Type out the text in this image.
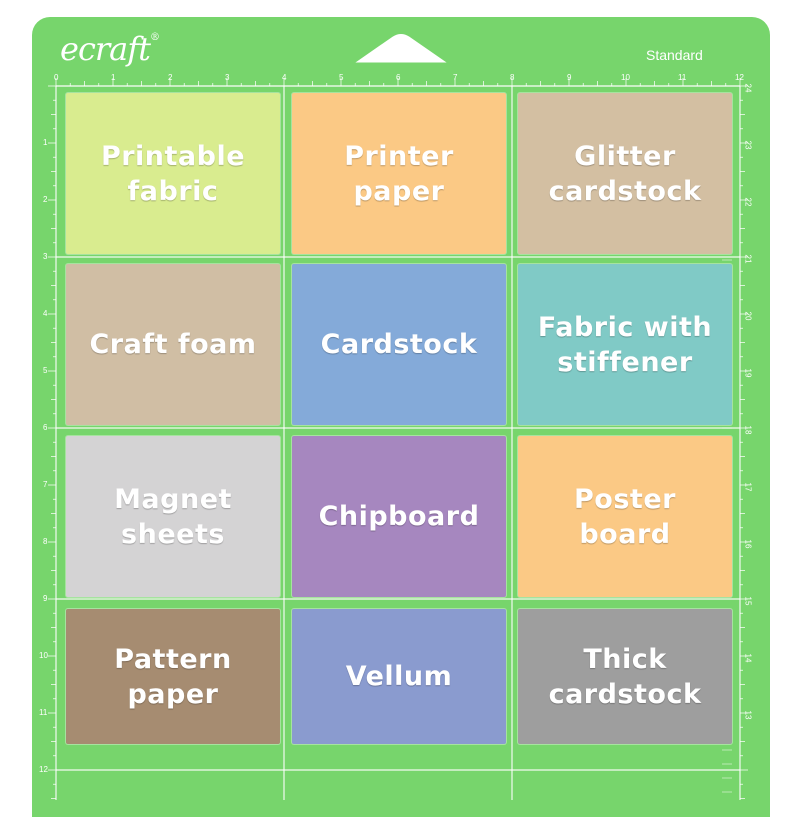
ecraft®
Standard
0	1	2	3	4	5	6	7	8	9	10	11	12
1
2
3
4
5
6
7
8
9
10
11
12
24
23
22
21
20
19
18
17
16
15
14
13
Printable
fabric
Printer
paper
Glitter
cardstock
Craft foam Cardstock
Fabric with
stiffener
Magnet
sheets
Chipboard
Poster
board
Pattern
paper
Vellum
Thick
cardstock
